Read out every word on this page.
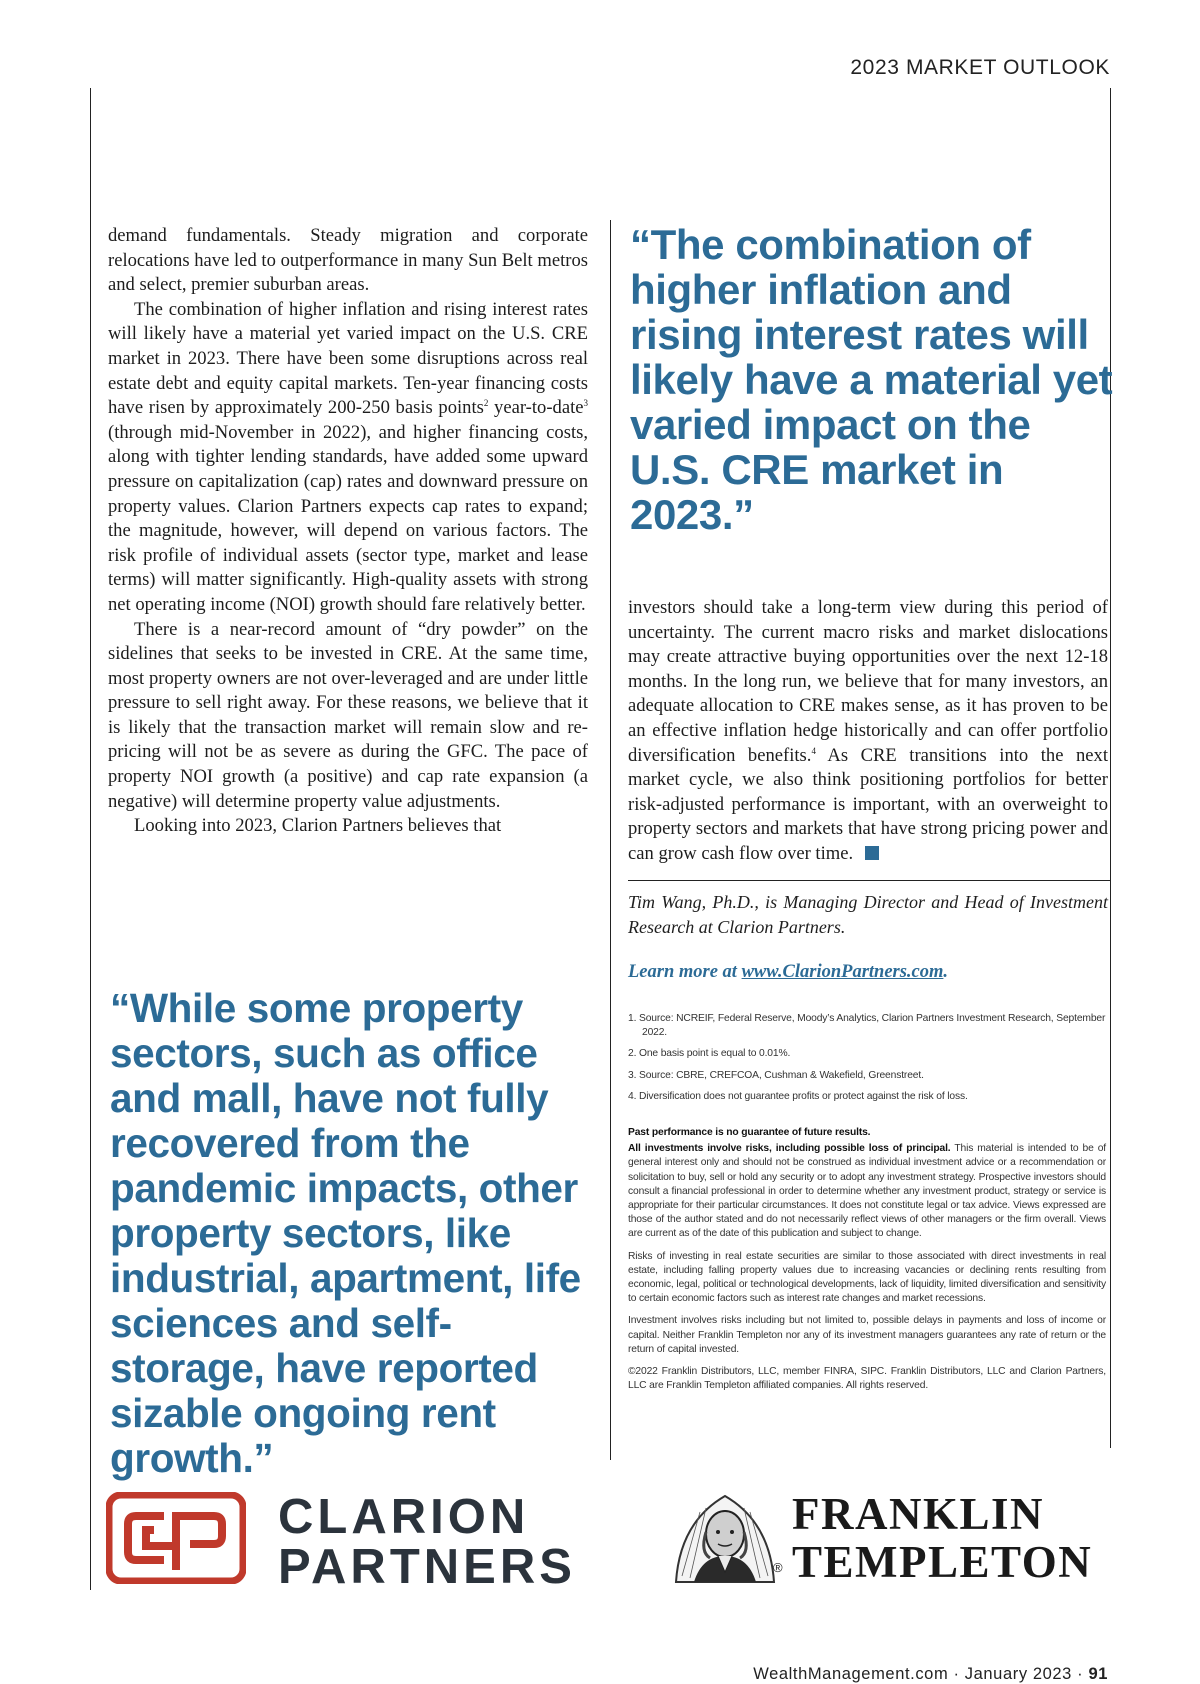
2023 MARKET OUTLOOK

demand fundamentals. Steady migration and corporate relocations have led to outperformance in many Sun Belt metros and select, premier suburban areas.

The combination of higher inflation and rising interest rates will likely have a material yet varied impact on the U.S. CRE market in 2023. There have been some disruptions across real estate debt and equity capital markets. Ten-year financing costs have risen by approximately 200-250 basis points$^2$ year-to-date$^3$ (through mid-November in 2022), and higher financing costs, along with tighter lending standards, have added some upward pressure on capitalization (cap) rates and downward pressure on property values. Clarion Partners expects cap rates to expand; the magnitude, however, will depend on various factors. The risk profile of individual assets (sector type, market and lease terms) will matter significantly. High-quality assets with strong net operating income (NOI) growth should fare relatively better.

There is a near-record amount of “dry powder” on the sidelines that seeks to be invested in CRE. At the same time, most property owners are not over-leveraged and are under little pressure to sell right away. For these reasons, we believe that it is likely that the transaction market will remain slow and re-pricing will not be as severe as during the GFC. The pace of property NOI growth (a positive) and cap rate expansion (a negative) will determine property value adjustments.

Looking into 2023, Clarion Partners believes that

“The combination of higher inflation and rising interest rates will likely have a material yet varied impact on the U.S. CRE market in 2023.”
“While some property sectors, such as office and mall, have not fully recovered from the pandemic impacts, other property sectors, like industrial, apartment, life sciences and self-storage, have reported sizable ongoing rent growth.”

investors should take a long-term view during this period of uncertainty. The current macro risks and market dislocations may create attractive buying opportunities over the next 12-18 months. In the long run, we believe that for many investors, an adequate allocation to CRE makes sense, as it has proven to be an effective inflation hedge historically and can offer portfolio diversification benefits.$^4$ As CRE transitions into the next market cycle, we also think positioning portfolios for better risk-adjusted performance is important, with an overweight to property sectors and markets that have strong pricing power and can grow cash flow over time.

Tim Wang, Ph.D., is Managing Director and Head of Investment Research at Clarion Partners.
Learn more at www.ClarionPartners.com.
1. Source: NCREIF, Federal Reserve, Moody’s Analytics, Clarion Partners Investment Research, September 2022.
2. One basis point is equal to 0.01%.
3. Source: CBRE, CREFCOA, Cushman & Wakefield, Greenstreet.
4. Diversification does not guarantee profits or protect against the risk of loss.

Past performance is no guarantee of future results.

All investments involve risks, including possible loss of principal. This material is intended to be of general interest only and should not be construed as individual investment advice or a recommendation or solicitation to buy, sell or hold any security or to adopt any investment strategy. Prospective investors should consult a financial professional in order to determine whether any investment product, strategy or service is appropriate for their particular circumstances. It does not constitute legal or tax advice. Views expressed are those of the author stated and do not necessarily reflect views of other managers or the firm overall. Views are current as of the date of this publication and subject to change.

Risks of investing in real estate securities are similar to those associated with direct investments in real estate, including falling property values due to increasing vacancies or declining rents resulting from economic, legal, political or technological developments, lack of liquidity, limited diversification and sensitivity to certain economic factors such as interest rate changes and market recessions.

Investment involves risks including but not limited to, possible delays in payments and loss of income or capital. Neither Franklin Templeton nor any of its investment managers guarantees any rate of return or the return of capital invested.

©2022 Franklin Distributors, LLC, member FINRA, SIPC. Franklin Distributors, LLC and Clarion Partners, LLC are Franklin Templeton affiliated companies. All rights reserved.

CLARION
PARTNERS	®
FRANKLIN
TEMPLETON
WealthManagement.com · January 2023 · 91
